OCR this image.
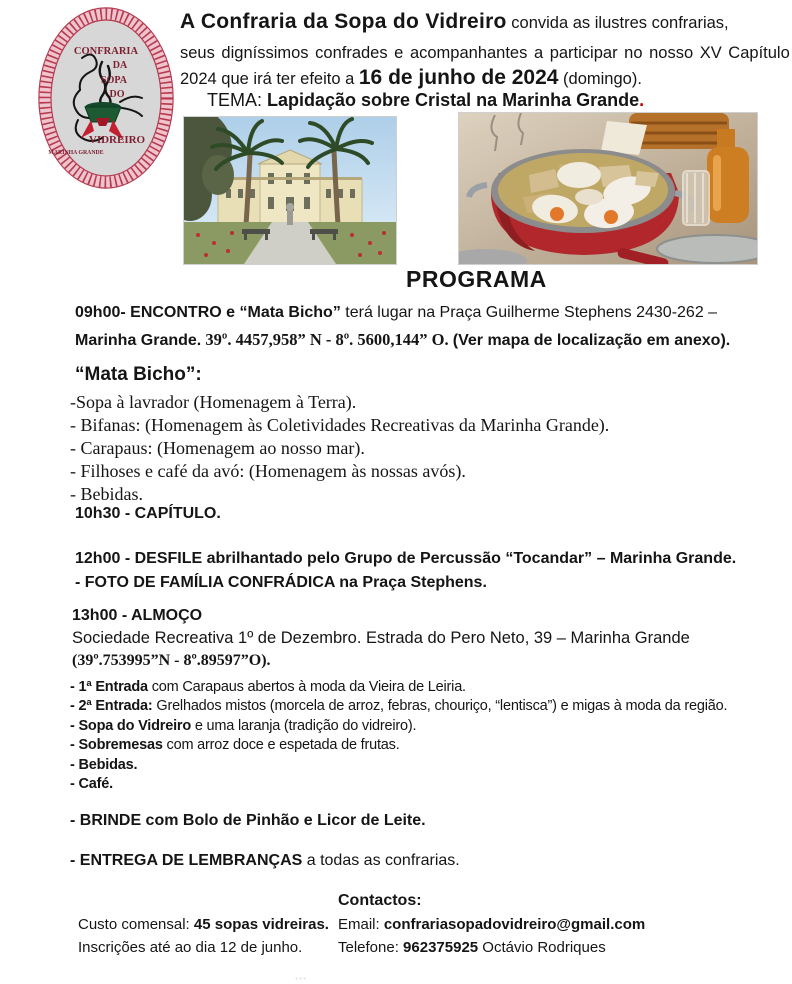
CONFRARIA
DA
SOPA
DO
VIDREIRO
MARINHA GRANDE
A Confraria da Sopa do Vidreiro convida as ilustres confrarias,
seus digníssimos confrades e acompanhantes a participar no nosso XV Capítulo
2024 que irá ter efeito a 16 de junho de 2024 (domingo).
TEMA: Lapidação sobre Cristal na Marinha Grande.
PROGRAMA
09h00- ENCONTRO e “Mata Bicho” terá lugar na Praça Guilherme Stephens 2430-262 –
Marinha Grande. 39º. 4457,958” N - 8º. 5600,144” O. (Ver mapa de localização em anexo).
“Mata Bicho”:
-Sopa à lavrador (Homenagem à Terra).
- Bifanas: (Homenagem às Coletividades Recreativas da Marinha Grande).
- Carapaus: (Homenagem ao nosso mar).
- Filhoses e café da avó: (Homenagem às nossas avós).
- Bebidas.
10h30 - CAPÍTULO.
12h00 - DESFILE abrilhantado pelo Grupo de Percussão “Tocandar” – Marinha Grande.
- FOTO DE FAMÍLIA CONFRÁDICA na Praça Stephens.
13h00 - ALMOÇO
Sociedade Recreativa 1º de Dezembro. Estrada do Pero Neto, 39 – Marinha Grande
(39º.753995”N - 8º.89597”O).
- 1ª Entrada com Carapaus abertos à moda da Vieira de Leiria.
- 2ª Entrada: Grelhados mistos (morcela de arroz, febras, chouriço, “lentisca”) e migas à moda da região.
- Sopa do Vidreiro e uma laranja (tradição do vidreiro).
- Sobremesas com arroz doce e espetada de frutas.
- Bebidas.
- Café.
- BRINDE com Bolo de Pinhão e Licor de Leite.
- ENTREGA DE LEMBRANÇAS a todas as confrarias.
Contactos:
Custo comensal: 45 sopas vidreiras.
Inscrições até ao dia 12 de junho.
Email: confrariasopadovidreiro@gmail.com
Telefone: 962375925 Octávio Rodriques
···
